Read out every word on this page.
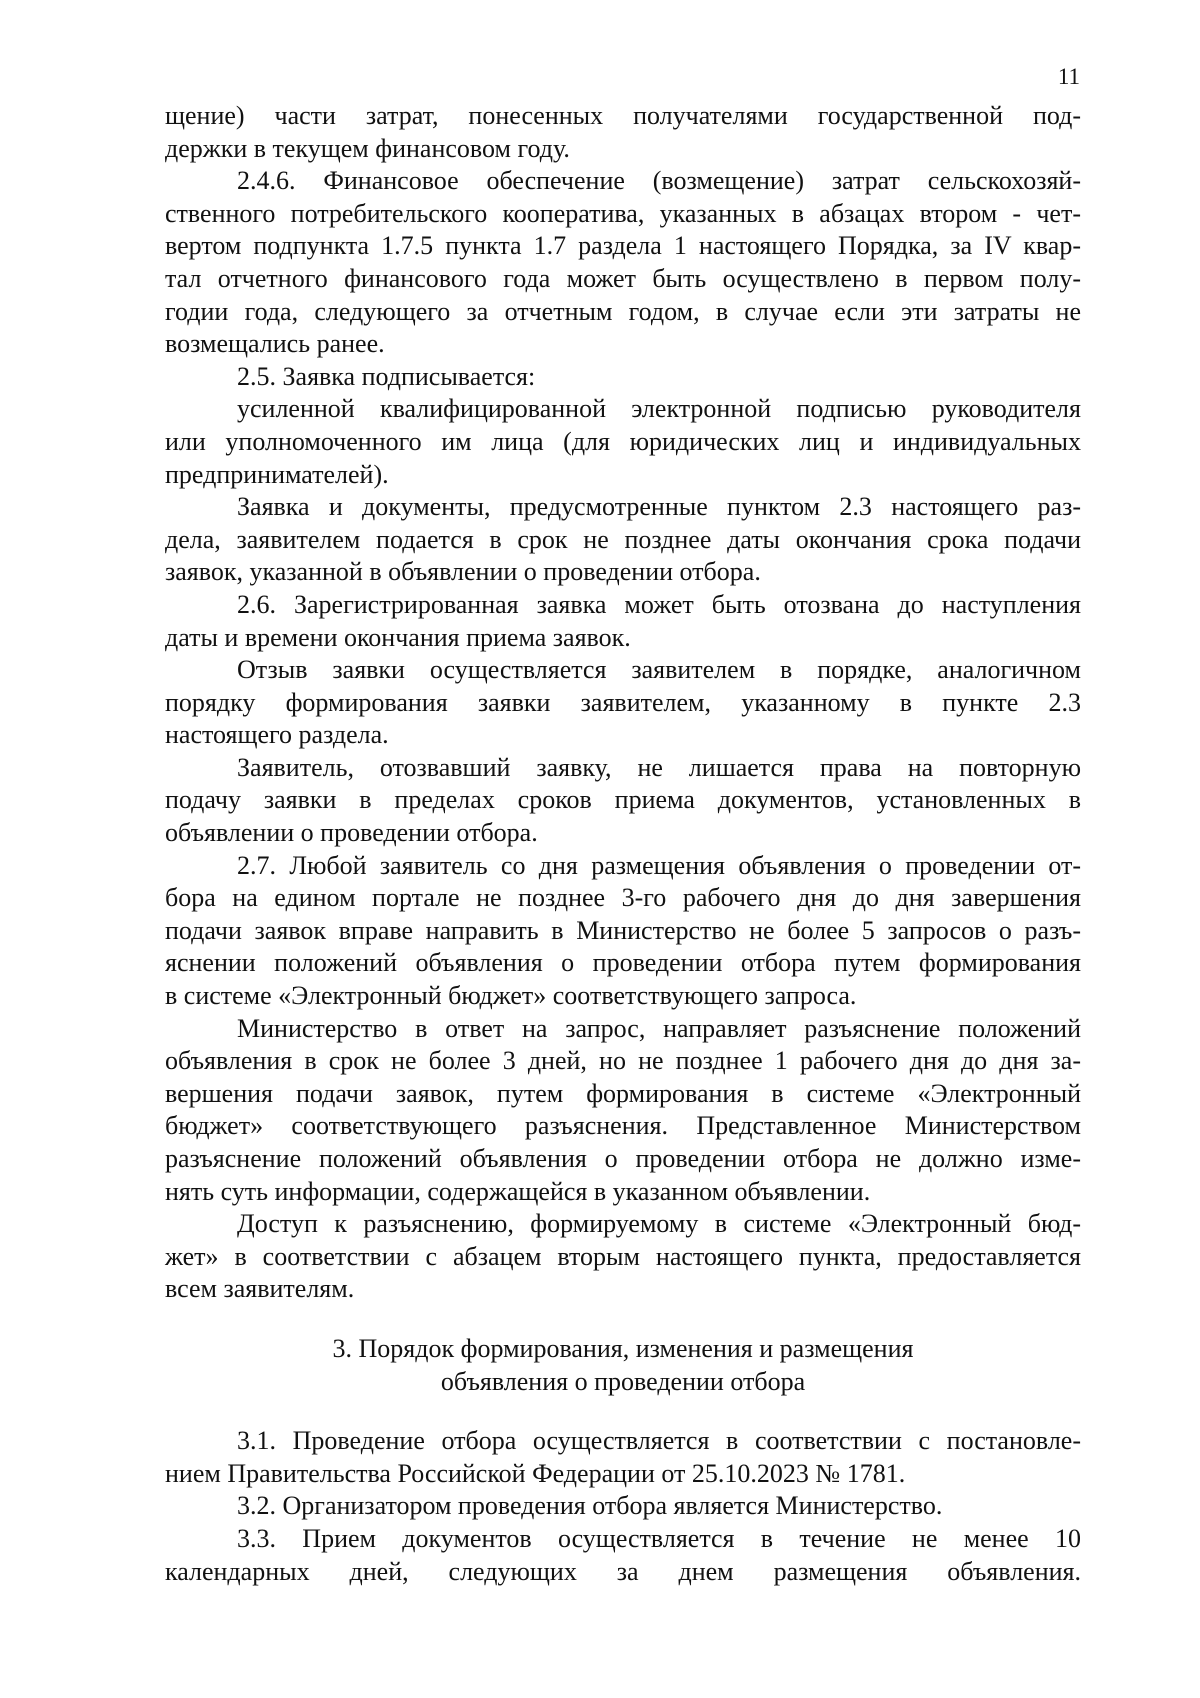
11
щение) части затрат, понесенных получателями государственной под-
держки в текущем финансовом году.
2.4.6. Финансовое обеспечение (возмещение) затрат сельскохозяй-
ственного потребительского кооператива, указанных в абзацах втором - чет-
вертом подпункта 1.7.5 пункта 1.7 раздела 1 настоящего Порядка, за IV квар-
тал отчетного финансового года может быть осуществлено в первом полу-
годии года, следующего за отчетным годом, в случае если эти затраты не
возмещались ранее.
2.5. Заявка подписывается:
усиленной квалифицированной электронной подписью руководителя
или уполномоченного им лица (для юридических лиц и индивидуальных
предпринимателей).
Заявка и документы, предусмотренные пунктом 2.3 настоящего раз-
дела, заявителем подается в срок не позднее даты окончания срока подачи
заявок, указанной в объявлении о проведении отбора.
2.6. Зарегистрированная заявка может быть отозвана до наступления
даты и времени окончания приема заявок.
Отзыв заявки осуществляется заявителем в порядке, аналогичном
порядку формирования заявки заявителем, указанному в пункте 2.3
настоящего раздела.
Заявитель, отозвавший заявку, не лишается права на повторную
подачу заявки в пределах сроков приема документов, установленных в
объявлении о проведении отбора.
2.7. Любой заявитель со дня размещения объявления о проведении от-
бора на едином портале не позднее 3-го рабочего дня до дня завершения
подачи заявок вправе направить в Министерство не более 5 запросов о разъ-
яснении положений объявления о проведении отбора путем формирования
в системе «Электронный бюджет» соответствующего запроса.
Министерство в ответ на запрос, направляет разъяснение положений
объявления в срок не более 3 дней, но не позднее 1 рабочего дня до дня за-
вершения подачи заявок, путем формирования в системе «Электронный
бюджет» соответствующего разъяснения. Представленное Министерством
разъяснение положений объявления о проведении отбора не должно изме-
нять суть информации, содержащейся в указанном объявлении.
Доступ к разъяснению, формируемому в системе «Электронный бюд-
жет» в соответствии с абзацем вторым настоящего пункта, предоставляется
всем заявителям.
3. Порядок формирования, изменения и размещения
объявления о проведении отбора
3.1. Проведение отбора осуществляется в соответствии с постановле-
нием Правительства Российской Федерации от 25.10.2023 № 1781.
3.2. Организатором проведения отбора является Министерство.
3.3. Прием документов осуществляется в течение не менее 10
календарных дней, следующих за днем размещения объявления.
